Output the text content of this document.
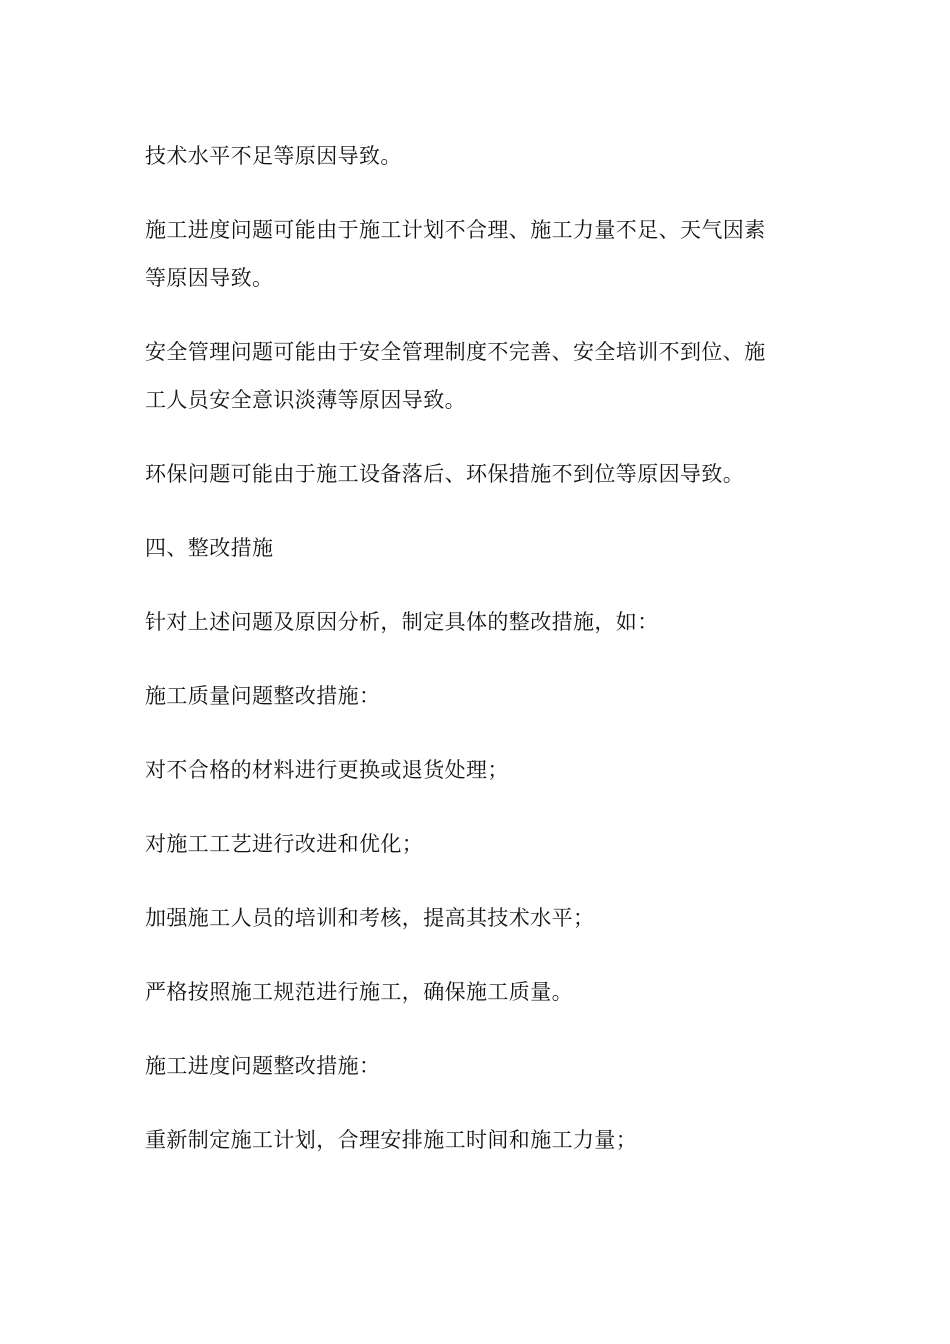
技术水平不足等原因导致。

施工进度问题可能由于施工计划不合理、施工力量不足、天气因素
等原因导致。

安全管理问题可能由于安全管理制度不完善、安全培训不到位、施
工人员安全意识淡薄等原因导致。

环保问题可能由于施工设备落后、环保措施不到位等原因导致。

四、整改措施

针对上述问题及原因分析，制定具体的整改措施，如：

施工质量问题整改措施：

对不合格的材料进行更换或退货处理；

对施工工艺进行改进和优化；

加强施工人员的培训和考核，提高其技术水平；

严格按照施工规范进行施工，确保施工质量。

施工进度问题整改措施：

重新制定施工计划，合理安排施工时间和施工力量；
